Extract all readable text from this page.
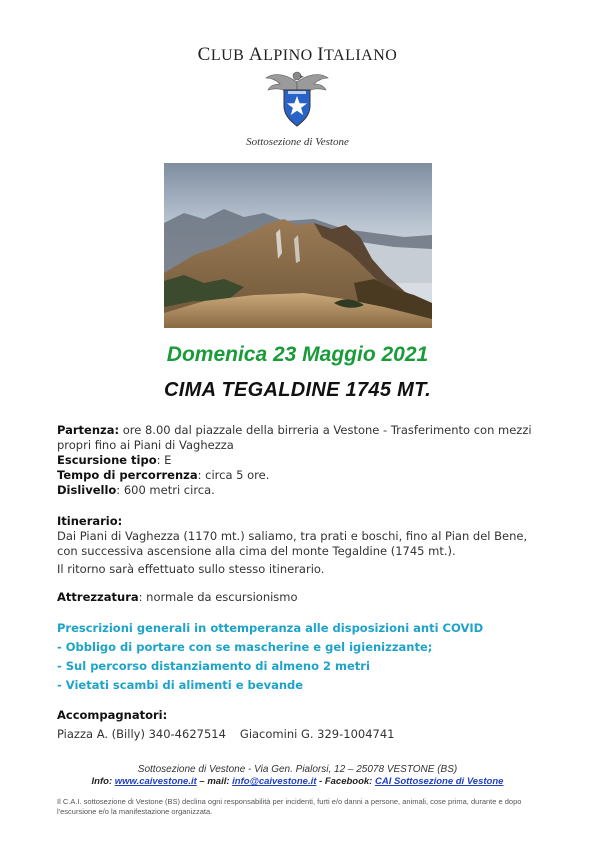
CLUB ALPINO ITALIANO
Sottosezione di Vestone
Domenica 23 Maggio 2021
CIMA TEGALDINE 1745 MT.
Partenza: ore 8.00 dal piazzale della birreria a Vestone - Trasferimento con mezzi propri fino ai Piani di Vaghezza
Escursione tipo: E
Tempo di percorrenza: circa 5 ore.
Dislivello: 600 metri circa.
Itinerario:
Dai Piani di Vaghezza (1170 mt.) saliamo, tra prati e boschi, fino al Pian del Bene, con successiva ascensione alla cima del monte Tegaldine (1745 mt.).
Il ritorno sarà effettuato sullo stesso itinerario.
Attrezzatura: normale da escursionismo
Prescrizioni generali in ottemperanza alle disposizioni anti COVID
- Obbligo di portare con se mascherine e gel igienizzante;
- Sul percorso distanziamento di almeno 2 metri
- Vietati scambi di alimenti e bevande
Accompagnatori:
Piazza A. (Billy) 340-4627514 Giacomini G. 329-1004741
Sottosezione di Vestone - Via Gen. Pialorsi, 12 – 25078 VESTONE (BS)
Info: www.caivestone.it – mail: info@caivestone.it - Facebook: CAI Sottosezione di Vestone
Il C.A.I. sottosezione di Vestone (BS) declina ogni responsabilità per incidenti, furti e/o danni a persone, animali, cose prima, durante e dopo l'escursione e/o la manifestazione organizzata.
